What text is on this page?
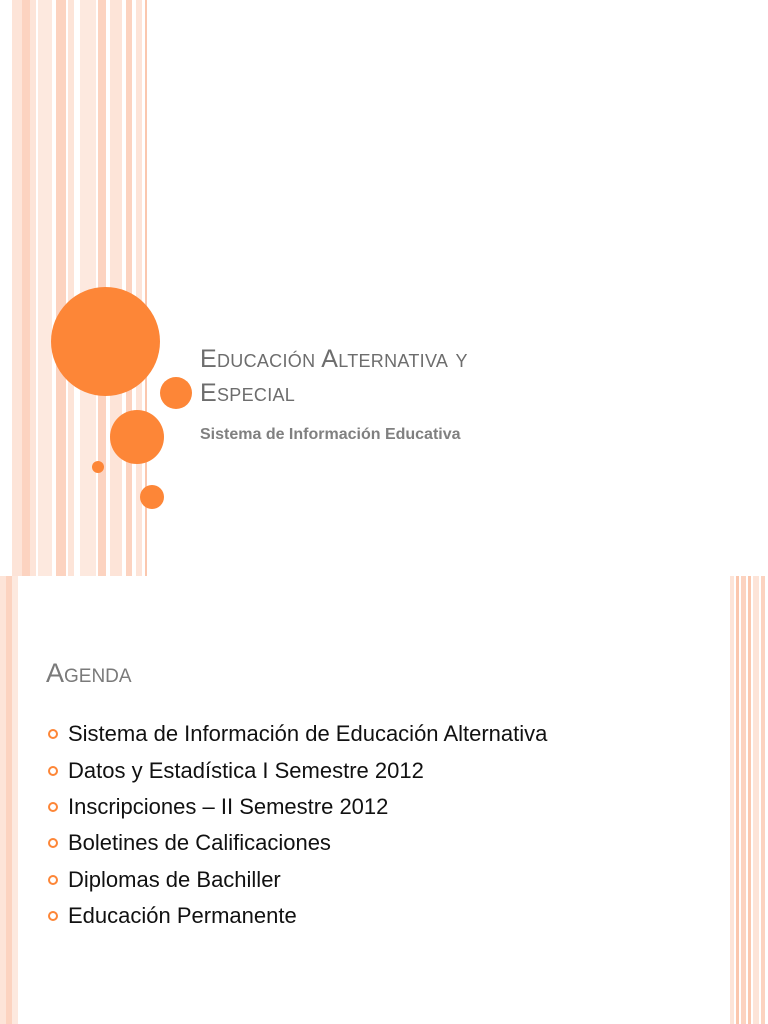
Educación Alternativa y
Especial
Sistema de Información Educativa
Agenda
Sistema de Información de Educación Alternativa
Datos y Estadística I Semestre 2012
Inscripciones – II Semestre 2012
Boletines de Calificaciones
Diplomas de Bachiller
Educación Permanente
